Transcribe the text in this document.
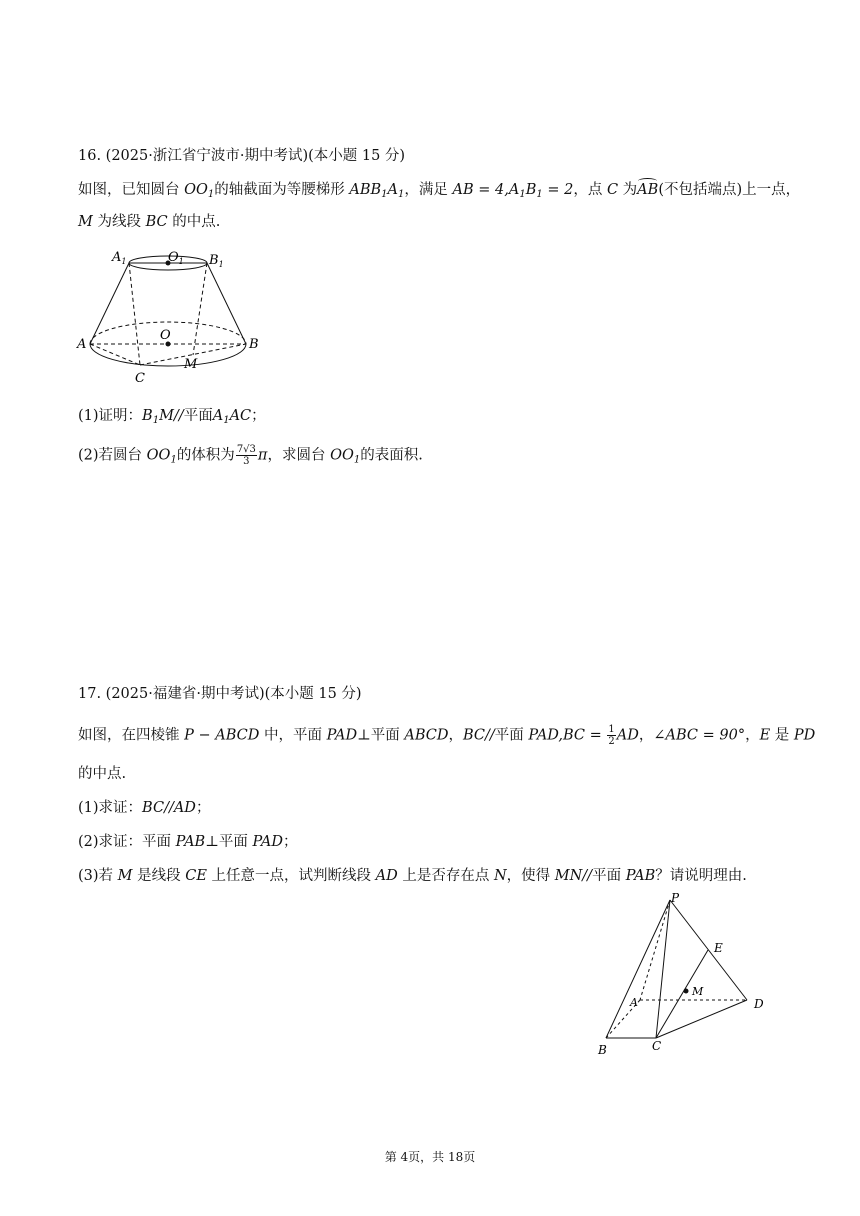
16. (2025·浙江省宁波市·期中考试)(本小题 15 分)
如图，已知圆台 $OO_1$的轴截面为等腰梯形 $ABB_1A_1$，满足 AB = $4,A_1B_1 = 2$，点 C 为AB(不包括端点)上一点，
M 为线段 BC 的中点.
$A_1$	$O_1$ $B_1$
A
O
B
C
M
(1)证明：$B_1M//$平面$A_1AC$；
(2)若圆台 $OO_1$的体积为 $\frac{7√3}{3}$ π，求圆台 $OO_1$的表面积.
17. (2025·福建省·期中考试)(本小题 15 分)
如图，在四棱锥 P − ABCD 中，平面 PAD⊥平面 ABCD，BC//平面 $PAD,BC = \frac{1}{2}$ AD，∠ABC = 90°，E 是 PD
的中点.
(1)求证：BC//AD；
(2)求证：平面 PAB⊥平面 PAD；
(3)若 M 是线段 CE 上任意一点，试判断线段 AD 上是否存在点 N，使得 MN//平面 PAB？请说明理由.
P
E
M
A	D
B	C
第 4页，共 18页
